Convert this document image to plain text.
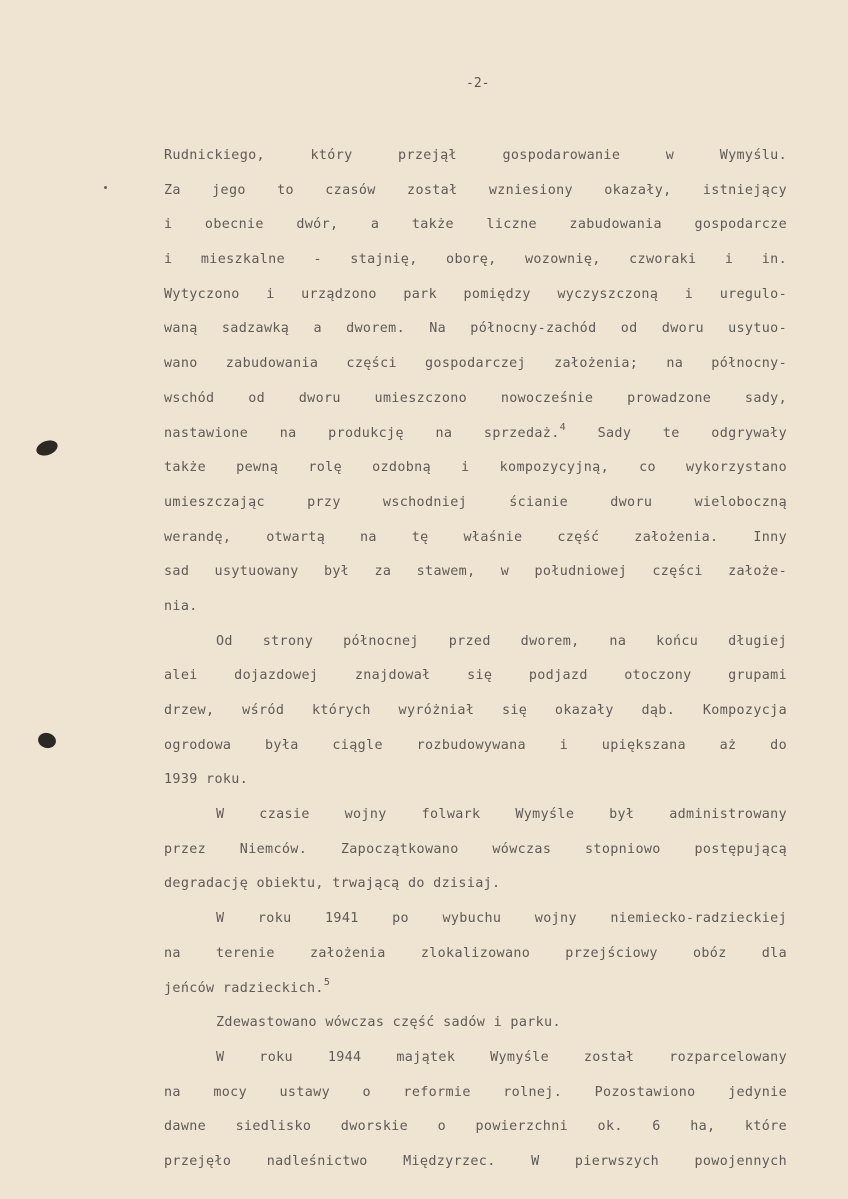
-2-
Rudnickiego, który przejął gospodarowanie w Wymyślu.
Za jego to czasów został wzniesiony okazały, istniejący
i obecnie dwór, a także liczne zabudowania gospodarcze
i mieszkalne - stajnię, oborę, wozownię, czworaki i in.
Wytyczono i urządzono park pomiędzy wyczyszczoną i uregulo-
waną sadzawką a dworem. Na północny-zachód od dworu usytuo-
wano zabudowania części gospodarczej założenia; na północny-
wschód od dworu umieszczono nowocześnie prowadzone sady,
nastawione na produkcję na sprzedaż.$^4$ Sady te odgrywały
także pewną rolę ozdobną i kompozycyjną, co wykorzystano
umieszczając przy wschodniej ścianie dworu wieloboczną
werandę, otwartą na tę właśnie część założenia. Inny
sad usytuowany był za stawem, w południowej części założe-
nia.
Od strony północnej przed dworem, na końcu długiej
alei dojazdowej znajdował się podjazd otoczony grupami
drzew, wśród których wyróżniał się okazały dąb. Kompozycja
ogrodowa była ciągle rozbudowywana i upiększana aż do
1939 roku.
W czasie wojny folwark Wymyśle był administrowany
przez Niemców. Zapoczątkowano wówczas stopniowo postępującą
degradację obiektu, trwającą do dzisiaj.
W roku 1941 po wybuchu wojny niemiecko-radzieckiej
na terenie założenia zlokalizowano przejściowy obóz dla
jeńców radzieckich.$^5$
Zdewastowano wówczas część sadów i parku.
W roku 1944 majątek Wymyśle został rozparcelowany
na mocy ustawy o reformie rolnej. Pozostawiono jedynie
dawne siedlisko dworskie o powierzchni ok. 6 ha, które
przejęło nadleśnictwo Międzyrzec. W pierwszych powojennych
